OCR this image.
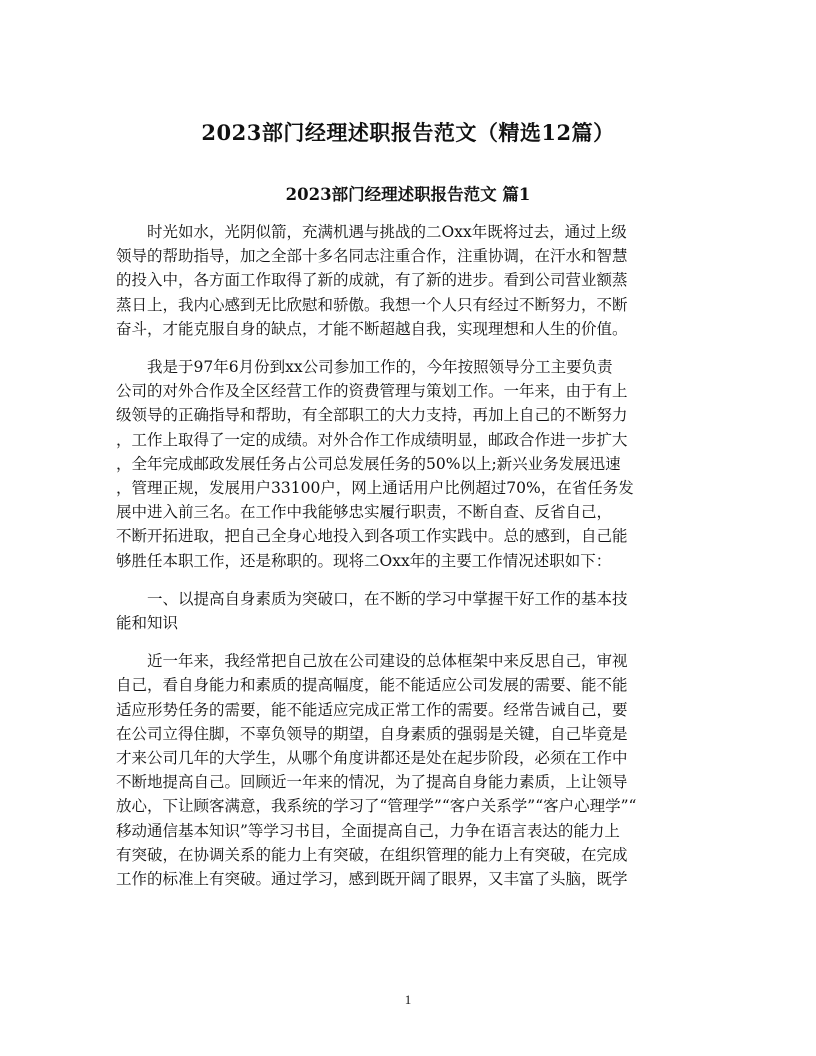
2023部门经理述职报告范文（精选12篇）
2023部门经理述职报告范文 篇1

时光如水，光阴似箭，充满机遇与挑战的二Oxx年既将过去，通过上级
领导的帮助指导，加之全部十多名同志注重合作，注重协调，在汗水和智慧
的投入中，各方面工作取得了新的成就，有了新的进步。看到公司营业额蒸
蒸日上，我内心感到无比欣慰和骄傲。我想一个人只有经过不断努力，不断
奋斗，才能克服自身的缺点，才能不断超越自我，实现理想和人生的价值。

我是于97年6月份到xx公司参加工作的，今年按照领导分工主要负责
公司的对外合作及全区经营工作的资费管理与策划工作。一年来，由于有上
级领导的正确指导和帮助，有全部职工的大力支持，再加上自己的不断努力
，工作上取得了一定的成绩。对外合作工作成绩明显，邮政合作进一步扩大
，全年完成邮政发展任务占公司总发展任务的50%以上;新兴业务发展迅速
，管理正规，发展用户33100户，网上通话用户比例超过70%，在省任务发
展中进入前三名。在工作中我能够忠实履行职责，不断自查、反省自己，
不断开拓进取，把自己全身心地投入到各项工作实践中。总的感到，自己能
够胜任本职工作，还是称职的。现将二Oxx年的主要工作情况述职如下：

一、以提高自身素质为突破口，在不断的学习中掌握干好工作的基本技
能和知识

近一年来，我经常把自己放在公司建设的总体框架中来反思自己，审视
自己，看自身能力和素质的提高幅度，能不能适应公司发展的需要、能不能
适应形势任务的需要，能不能适应完成正常工作的需要。经常告诫自己，要
在公司立得住脚，不辜负领导的期望，自身素质的强弱是关键，自己毕竟是
才来公司几年的大学生，从哪个角度讲都还是处在起步阶段，必须在工作中
不断地提高自己。回顾近一年来的情况，为了提高自身能力素质，上让领导
放心，下让顾客满意，我系统的学习了“管理学”“客户关系学”“客户心理学”“
移动通信基本知识”等学习书目，全面提高自己，力争在语言表达的能力上
有突破，在协调关系的能力上有突破，在组织管理的能力上有突破，在完成
工作的标准上有突破。通过学习，感到既开阔了眼界，又丰富了头脑，既学

1
